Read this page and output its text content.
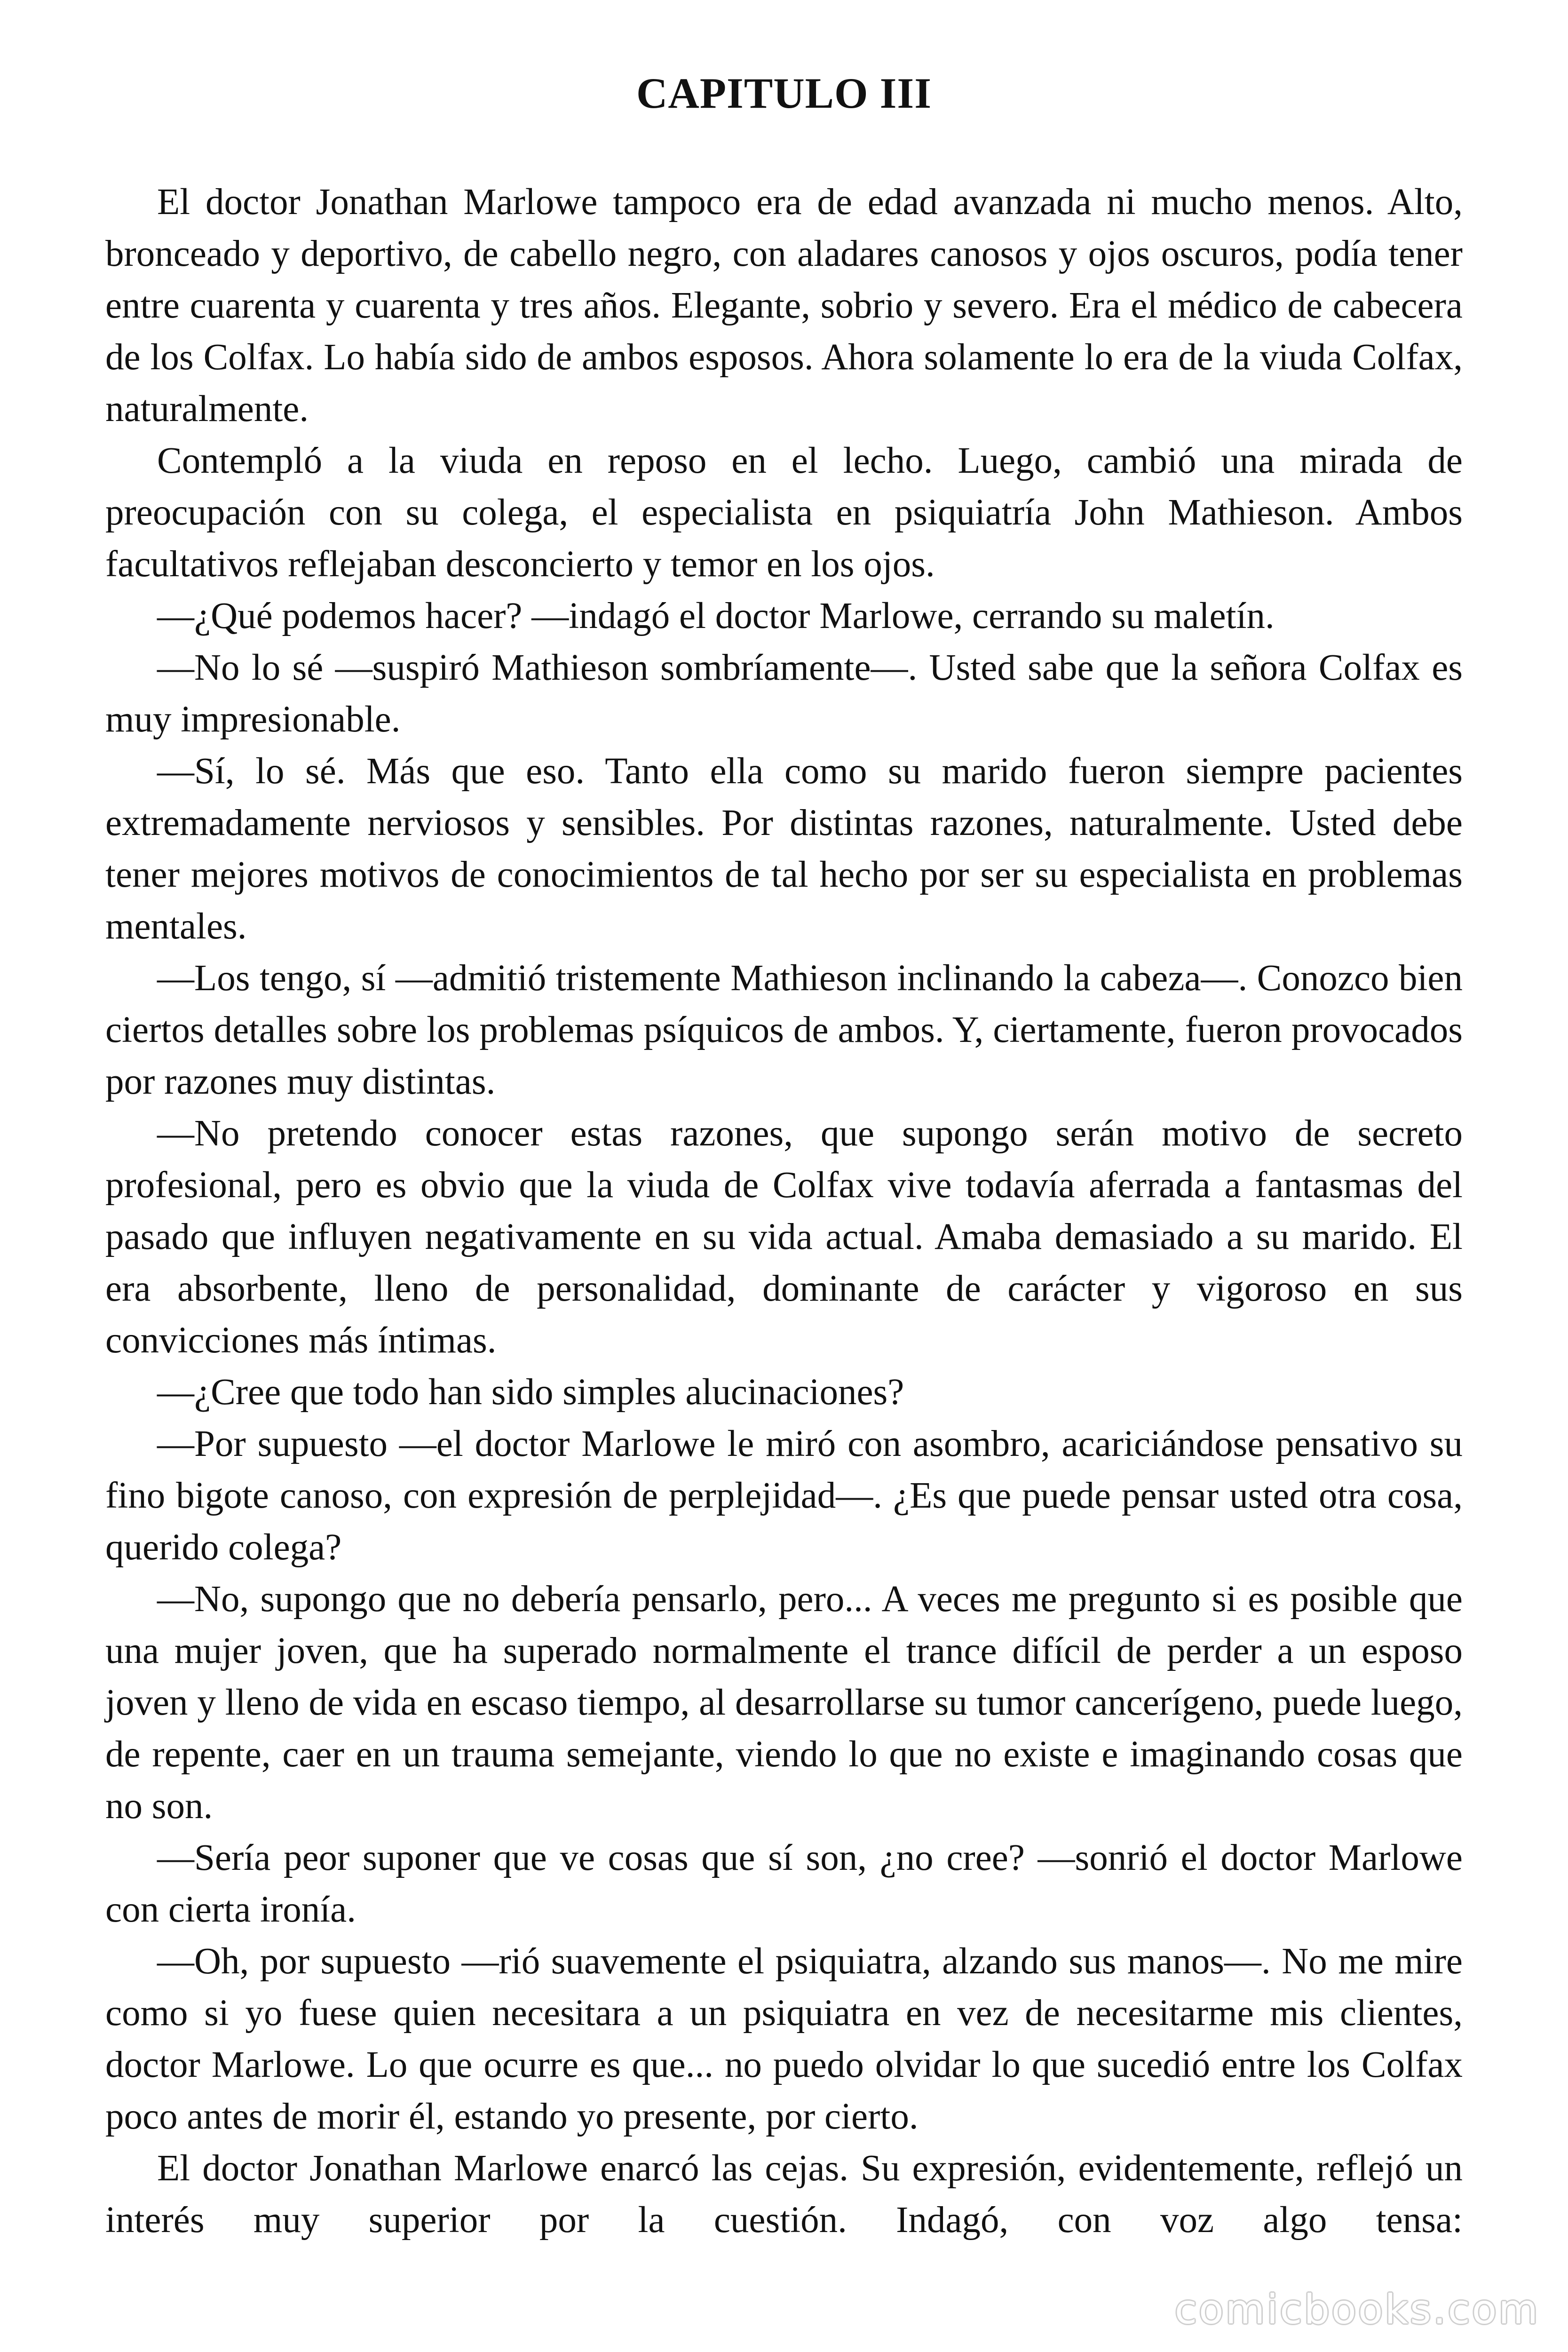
CAPITULO III

El doctor Jonathan Marlowe tampoco era de edad avanzada ni mucho menos. Alto, bronceado y deportivo, de cabello negro, con aladares canosos y ojos oscuros, podía tener entre cuarenta y cuarenta y tres años. Elegante, sobrio y severo. Era el médico de cabecera de los Colfax. Lo había sido de ambos esposos. Ahora solamente lo era de la viuda Colfax, naturalmente.

Contempló a la viuda en reposo en el lecho. Luego, cambió una mirada de preocupación con su colega, el especialista en psiquiatría John Mathieson. Ambos facultativos reflejaban desconcierto y temor en los ojos.

—¿Qué podemos hacer? —indagó el doctor Marlowe, cerrando su maletín.

—No lo sé —suspiró Mathieson sombríamente—. Usted sabe que la señora Colfax es muy impresionable.

—Sí, lo sé. Más que eso. Tanto ella como su marido fueron siempre pacientes extremadamente nerviosos y sensibles. Por distintas razones, naturalmente. Usted debe tener mejores motivos de conocimientos de tal hecho por ser su especialista en problemas mentales.

—Los tengo, sí —admitió tristemente Mathieson inclinando la cabeza—. Conozco bien ciertos detalles sobre los problemas psíquicos de ambos. Y, ciertamente, fueron provocados por razones muy distintas.

—No pretendo conocer estas razones, que supongo serán motivo de secreto profesional, pero es obvio que la viuda de Colfax vive todavía aferrada a fantasmas del pasado que influyen negativamente en su vida actual. Amaba demasiado a su marido. El era absorbente, lleno de personalidad, dominante de carácter y vigoroso en sus convicciones más íntimas.

—¿Cree que todo han sido simples alucinaciones?

—Por supuesto —el doctor Marlowe le miró con asombro, acariciándose pensativo su fino bigote canoso, con expresión de perplejidad—. ¿Es que puede pensar usted otra cosa, querido colega?

—No, supongo que no debería pensarlo, pero... A veces me pregunto si es posible que una mujer joven, que ha superado normalmente el trance difícil de perder a un esposo joven y lleno de vida en escaso tiempo, al desarrollarse su tumor cancerígeno, puede luego, de repente, caer en un trauma semejante, viendo lo que no existe e imaginando cosas que no son.

—Sería peor suponer que ve cosas que sí son, ¿no cree? —sonrió el doctor Marlowe con cierta ironía.

—Oh, por supuesto —rió suavemente el psiquiatra, alzando sus manos—. No me mire como si yo fuese quien necesitara a un psiquiatra en vez de necesitarme mis clientes, doctor Marlowe. Lo que ocurre es que... no puedo olvidar lo que sucedió entre los Colfax poco antes de morir él, estando yo presente, por cierto.

El doctor Jonathan Marlowe enarcó las cejas. Su expresión, evidentemente, reflejó un interés muy superior por la cuestión. Indagó, con voz algo tensa:

comicbooks.com
